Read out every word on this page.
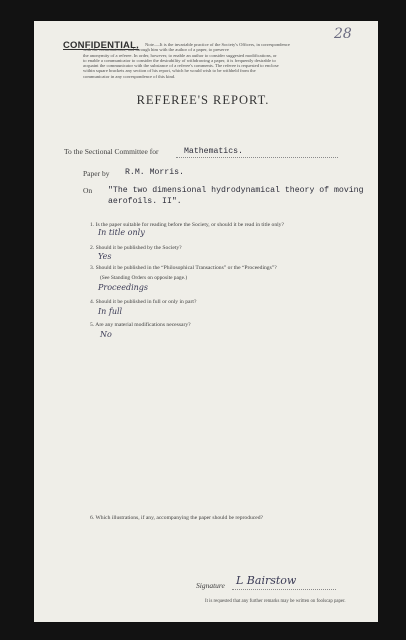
28
CONFIDENTIAL.	Note.—It is the invariable practice of the Society's Officers, in correspondence
with the communicator, and through him with the author of a paper, to preserve
the anonymity of a referee. In order, however, to enable an author to consider suggested modifications, or
to enable a communicator to consider the desirability of withdrawing a paper, it is frequently desirable to
acquaint the communicator with the substance of a referee's comments. The referee is requested to enclose
within square brackets any section of his report, which he would wish to be withheld from the
communicator in any correspondence of this kind.
REFEREE'S REPORT.
To the Sectional Committee for	Mathematics.
Paper by R.M. Morris.
On "The two dimensional hydrodynamical theory of moving
aerofoils. II".
1. Is the paper suitable for reading before the Society, or should it be read in title only?
In title only
2. Should it be published by the Society?
Yes
3. Should it be published in the “Philosophical Transactions” or the “Proceedings”?
(See Standing Orders on opposite page.)
Proceedings
4. Should it be published in full or only in part?
In full
5. Are any material modifications necessary?
No
6. Which illustrations, if any, accompanying the paper should be reproduced?
Signature L Bairstow
It is requested that any further remarks may be written on foolscap paper.
